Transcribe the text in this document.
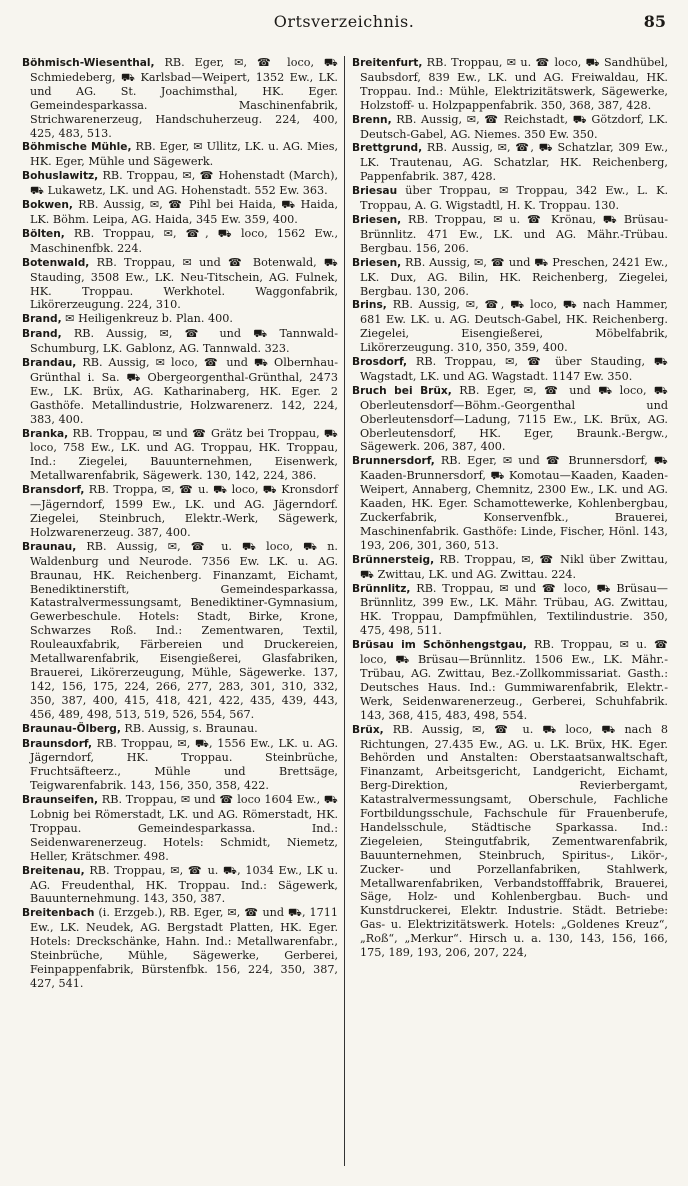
Ortsverzeichnis.	85

Böhmisch-Wiesenthal, RB. Eger, ✉, ☎ loco, ⛟ Schmiedeberg, ⛟ Karlsbad—Weipert, 1352 Ew., LK. und AG. St. Joachimsthal, HK. Eger. Gemeindesparkassa. Maschinenfabrik, Strichwarenerzeug, Handschuherzeug. 224, 400, 425, 483, 513.

Böhmische Mühle, RB. Eger, ✉ Ullitz, LK. u. AG. Mies, HK. Eger, Mühle und Sägewerk.

Bohuslawitz, RB. Troppau, ✉, ☎ Hohenstadt (March), ⛟ Lukawetz, LK. und AG. Hohenstadt. 552 Ew. 363.

Bokwen, RB. Aussig, ✉, ☎ Pihl bei Haida, ⛟ Haida, LK. Böhm. Leipa, AG. Haida, 345 Ew. 359, 400.

Bölten, RB. Troppau, ✉, ☎, ⛟ loco, 1562 Ew., Maschinenfbk. 224.

Botenwald, RB. Troppau, ✉ und ☎ Botenwald, ⛟ Stauding, 3508 Ew., LK. Neu-Titschein, AG. Fulnek, HK. Troppau. Werkhotel. Waggonfabrik, Likörerzeugung. 224, 310.

Brand, ✉ Heiligenkreuz b. Plan. 400.

Brand, RB. Aussig, ✉, ☎ und ⛟ Tannwald-Schumburg, LK. Gablonz, AG. Tannwald. 323.

Brandau, RB. Aussig, ✉ loco, ☎ und ⛟ Olbernhau-Grünthal i. Sa. ⛟ Obergeorgenthal-Grünthal, 2473 Ew., LK. Brüx, AG. Katharinaberg, HK. Eger. 2 Gasthöfe. Metallindustrie, Holzwarenerz. 142, 224, 383, 400.

Branka, RB. Troppau, ✉ und ☎ Grätz bei Troppau, ⛟ loco, 758 Ew., LK. und AG. Troppau, HK. Troppau, Ind.: Ziegelei, Bauunternehmen, Eisenwerk, Metallwarenfabrik, Sägewerk. 130, 142, 224, 386.

Bransdorf, RB. Troppa, ✉, ☎ u. ⛟ loco, ⛟ Kronsdorf—Jägerndorf, 1599 Ew., LK. und AG. Jägerndorf. Ziegelei, Steinbruch, Elektr.-Werk, Sägewerk, Holzwarenerzeug. 387, 400.

Braunau, RB. Aussig, ✉, ☎ u. ⛟ loco, ⛟ n. Waldenburg und Neurode. 7356 Ew. LK. u. AG. Braunau, HK. Reichenberg. Finanzamt, Eichamt, Benediktinerstift, Gemeindesparkassa, Katastralvermessungsamt, Benediktiner-Gymnasium, Gewerbeschule. Hotels: Stadt, Birke, Krone, Schwarzes Roß. Ind.: Zementwaren, Textil, Rouleauxfabrik, Färbereien und Druckereien, Metallwarenfabrik, Eisengießerei, Glasfabriken, Brauerei, Likörerzeugung, Mühle, Sägewerke. 137, 142, 156, 175, 224, 266, 277, 283, 301, 310, 332, 350, 387, 400, 415, 418, 421, 422, 435, 439, 443, 456, 489, 498, 513, 519, 526, 554, 567.

Braunau-Ölberg, RB. Aussig, s. Braunau.

Braunsdorf, RB. Troppau, ✉, ⛟, 1556 Ew., LK. u. AG. Jägerndorf, HK. Troppau. Steinbrüche, Fruchtsäfteerz., Mühle und Brettsäge, Teigwarenfabrik. 143, 156, 350, 358, 422.

Braunseifen, RB. Troppau, ✉ und ☎ loco 1604 Ew., ⛟ Lobnig bei Römerstadt, LK. und AG. Römerstadt, HK. Troppau. Gemeindesparkassa. Ind.: Seidenwarenerzeug. Hotels: Schmidt, Niemetz, Heller, Krätschmer. 498.

Breitenau, RB. Troppau, ✉, ☎ u. ⛟, 1034 Ew., LK u. AG. Freudenthal, HK. Troppau. Ind.: Sägewerk, Bauunternehmung. 143, 350, 387.

Breitenbach (i. Erzgeb.), RB. Eger, ✉, ☎ und ⛟, 1711 Ew., LK. Neudek, AG. Bergstadt Platten, HK. Eger. Hotels: Dreckschänke, Hahn. Ind.: Metallwarenfabr., Steinbrüche, Mühle, Sägewerke, Gerberei, Feinpappenfabrik, Bürstenfbk. 156, 224, 350, 387, 427, 541.

Breitenfurt, RB. Troppau, ✉ u. ☎ loco, ⛟ Sandhübel, Saubsdorf, 839 Ew., LK. und AG. Freiwaldau, HK. Troppau. Ind.: Mühle, Elektrizitätswerk, Sägewerke, Holzstoff- u. Holzpappenfabrik. 350, 368, 387, 428.

Brenn, RB. Aussig, ✉, ☎ Reichstadt, ⛟ Götzdorf, LK. Deutsch-Gabel, AG. Niemes. 350 Ew. 350.

Brettgrund, RB. Aussig, ✉, ☎, ⛟ Schatzlar, 309 Ew., LK. Trautenau, AG. Schatzlar, HK. Reichenberg, Pappenfabrik. 387, 428.

Briesau über Troppau, ✉ Troppau, 342 Ew., L. K. Troppau, A. G. Wigstadtl, H. K. Troppau. 130.

Briesen, RB. Troppau, ✉ u. ☎ Krönau, ⛟ Brüsau-Brünnlitz. 471 Ew., LK. und AG. Mähr.-Trübau. Bergbau. 156, 206.

Briesen, RB. Aussig, ✉, ☎ und ⛟ Preschen, 2421 Ew., LK. Dux, AG. Bilin, HK. Reichenberg, Ziegelei, Bergbau. 130, 206.

Brins, RB. Aussig, ✉, ☎, ⛟ loco, ⛟ nach Hammer, 681 Ew. LK. u. AG. Deutsch-Gabel, HK. Reichenberg. Ziegelei, Eisengießerei, Möbelfabrik, Likörerzeugung. 310, 350, 359, 400.

Brosdorf, RB. Troppau, ✉, ☎ über Stauding, ⛟ Wagstadt, LK. und AG. Wagstadt. 1147 Ew. 350.

Bruch bei Brüx, RB. Eger, ✉, ☎ und ⛟ loco, ⛟ Oberleutensdorf—Böhm.-Georgenthal und Oberleutensdorf—Ladung, 7115 Ew., LK. Brüx, AG. Oberleutensdorf, HK. Eger, Braunk.-Bergw., Sägewerk. 206, 387, 400.

Brunnersdorf, RB. Eger, ✉ und ☎ Brunnersdorf, ⛟ Kaaden-Brunnersdorf, ⛟ Komotau—Kaaden, Kaaden-Weipert, Annaberg, Chemnitz, 2300 Ew., LK. und AG. Kaaden, HK. Eger. Schamottewerke, Kohlenbergbau, Zuckerfabrik, Konservenfbk., Brauerei, Maschinenfabrik. Gasthöfe: Linde, Fischer, Hönl. 143, 193, 206, 301, 360, 513.

Brünnersteig, RB. Troppau, ✉, ☎ Nikl über Zwittau, ⛟ Zwittau, LK. und AG. Zwittau. 224.

Brünnlitz, RB. Troppau, ✉ und ☎ loco, ⛟ Brüsau—Brünnlitz, 399 Ew., LK. Mähr. Trübau, AG. Zwittau, HK. Troppau, Dampfmühlen, Textilindustrie. 350, 475, 498, 511.

Brüsau im Schönhengstgau, RB. Troppau, ✉ u. ☎ loco, ⛟ Brüsau—Brünnlitz. 1506 Ew., LK. Mähr.-Trübau, AG. Zwittau, Bez.-Zollkommissariat. Gasth.: Deutsches Haus. Ind.: Gummiwarenfabrik, Elektr.-Werk, Seidenwarenerzeug., Gerberei, Schuhfabrik. 143, 368, 415, 483, 498, 554.

Brüx, RB. Aussig, ✉, ☎ u. ⛟ loco, ⛟ nach 8 Richtungen, 27.435 Ew., AG. u. LK. Brüx, HK. Eger. Behörden und Anstalten: Oberstaatsanwaltschaft, Finanzamt, Arbeitsgericht, Landgericht, Eichamt, Berg-Direktion, Revierbergamt, Katastralvermessungsamt, Oberschule, Fachliche Fortbildungsschule, Fachschule für Frauenberufe, Handelsschule, Städtische Sparkassa. Ind.: Ziegeleien, Steingutfabrik, Zementwarenfabrik, Bauunternehmen, Steinbruch, Spiritus-, Likör-, Zucker- und Porzellanfabriken, Stahlwerk, Metallwarenfabriken, Verbandstofffabrik, Brauerei, Säge, Holz- und Kohlenbergbau. Buch- und Kunstdruckerei, Elektr. Industrie. Städt. Betriebe: Gas- u. Elektrizitätswerk. Hotels: „Goldenes Kreuz“, „Roß“, „Merkur“. Hirsch u. a. 130, 143, 156, 166, 175, 189, 193, 206, 207, 224,
